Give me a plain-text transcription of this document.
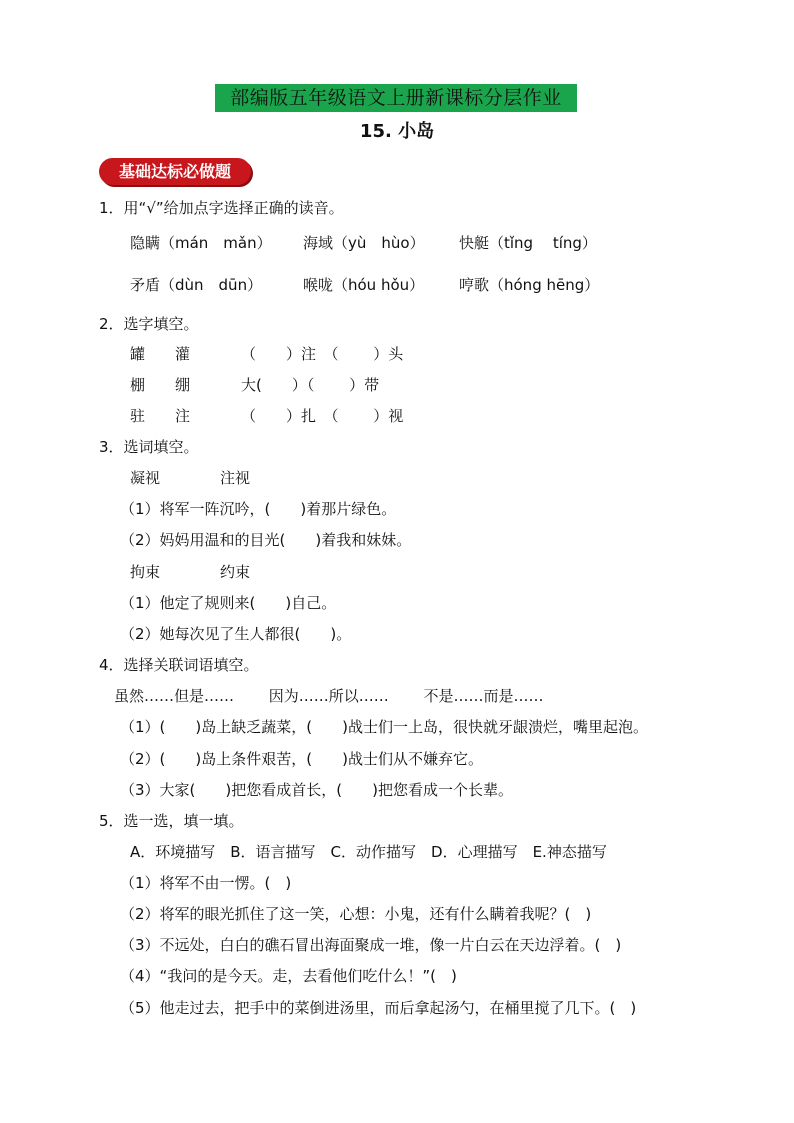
部编版五年级语文上册新课标分层作业
15. 小岛
基础达标必做题
1．用“√”给加点字选择正确的读音。
隐瞒（mán　mǎn） 海域（yù　hùo） 快艇（tǐng　 tíng）
矛盾（dùn　dūn）	喉咙（hóu hǒu） 哼歌（hóng hēng）
2．选字填空。
罐　　灌	（　　）注　（　　 ）头
棚　　绷	大(　　）（　　 ）带
驻　　注	（　　）扎　（　　 ）视
3．选词填空。
凝视　　　　注视
（1）将军一阵沉吟，(　　)着那片绿色。
（2）妈妈用温和的目光(　　)着我和妹妹。
拘束　　　　约束
（1）他定了规则来(　　)自己。
（2）她每次见了生人都很(　　)。
4．选择关联词语填空。
虽然……但是……　　 因为……所以……　　 不是……而是……
（1）(　　)岛上缺乏蔬菜，(　　)战士们一上岛，很快就牙龈溃烂，嘴里起泡。
（2）(　　)岛上条件艰苦，(　　)战士们从不嫌弃它。
（3）大家(　　)把您看成首长，(　　)把您看成一个长辈。
5．选一选，填一填。
A．环境描写　B．语言描写　C．动作描写　D．心理描写　E.神态描写
（1）将军不由一愣。(　)
（2）将军的眼光抓住了这一笑，心想：小鬼，还有什么瞒着我呢？(　)
（3）不远处，白白的礁石冒出海面聚成一堆，像一片白云在天边浮着。(　)
（4）“我问的是今天。走，去看他们吃什么！”(　)
（5）他走过去，把手中的菜倒进汤里，而后拿起汤勺，在桶里搅了几下。(　)
